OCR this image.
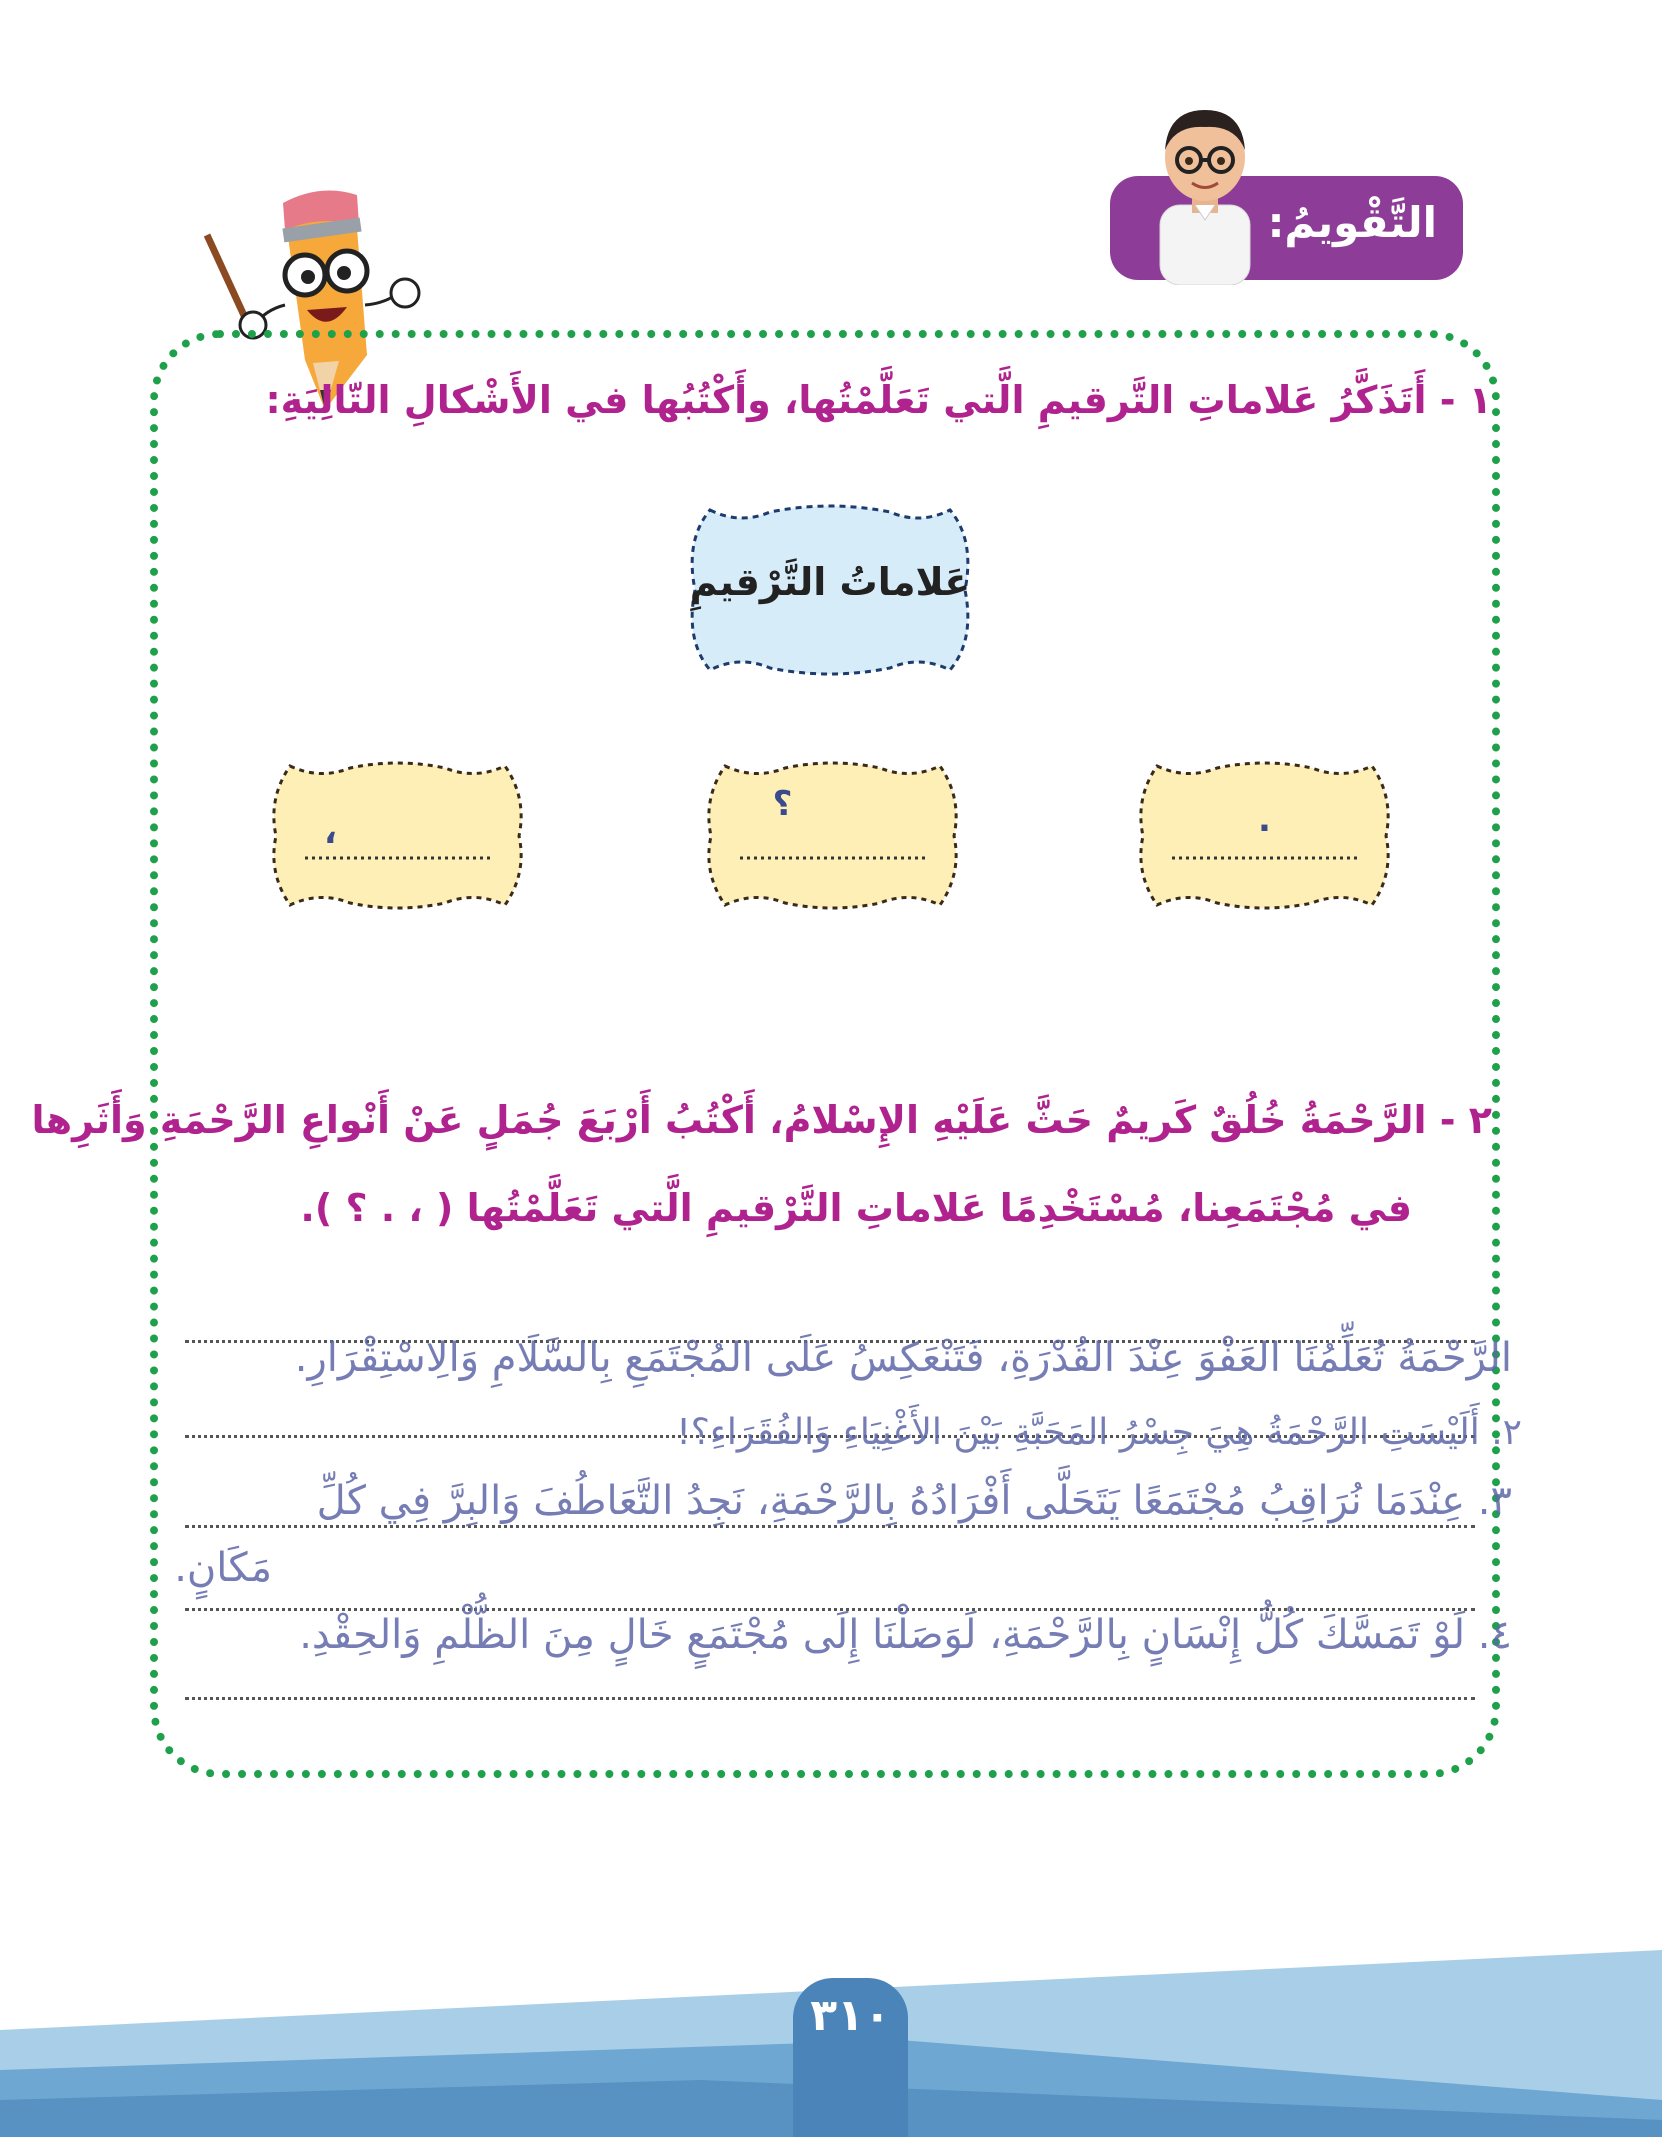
التَّقْويمُ:
١ - أَتَذَكَّرُ عَلاماتِ التَّرقيمِ الَّتي تَعَلَّمْتُها، وأَكْتُبُها في الأَشْكالِ التّالِيَةِ:
عَلاماتُ التَّرْقيمِ
.
؟
،
٢ - الرَّحْمَةُ خُلُقٌ كَريمٌ حَثَّ عَلَيْهِ الإِسْلامُ، أَكْتُبُ أَرْبَعَ جُمَلٍ عَنْ أَنْواعِ الرَّحْمَةِ وَأَثَرِها
في مُجْتَمَعِنا، مُسْتَخْدِمًا عَلاماتِ التَّرْقيمِ الَّتي تَعَلَّمْتُها ( ، . ؟ ).
الرَّحْمَةُ تُعَلِّمُنَا العَفْوَ عِنْدَ القُدْرَةِ، فَتَنْعَكِسُ عَلَى المُجْتَمَعِ بِالسَّلَامِ وَالِاسْتِقْرَارِ.
٢. أَلَيْسَتِ الرَّحْمَةُ هِيَ جِسْرُ المَحَبَّةِ بَيْنَ الأَغْنِيَاءِ وَالفُقَرَاءِ؟!
٣. عِنْدَمَا نُرَاقِبُ مُجْتَمَعًا يَتَحَلَّى أَفْرَادُهُ بِالرَّحْمَةِ، نَجِدُ التَّعَاطُفَ وَالبِرَّ فِي كُلِّ
مَكَانٍ.
٤. لَوْ تَمَسَّكَ كُلُّ إِنْسَانٍ بِالرَّحْمَةِ، لَوَصَلْنَا إِلَى مُجْتَمَعٍ خَالٍ مِنَ الظُّلْمِ وَالحِقْدِ.
٣١٠
